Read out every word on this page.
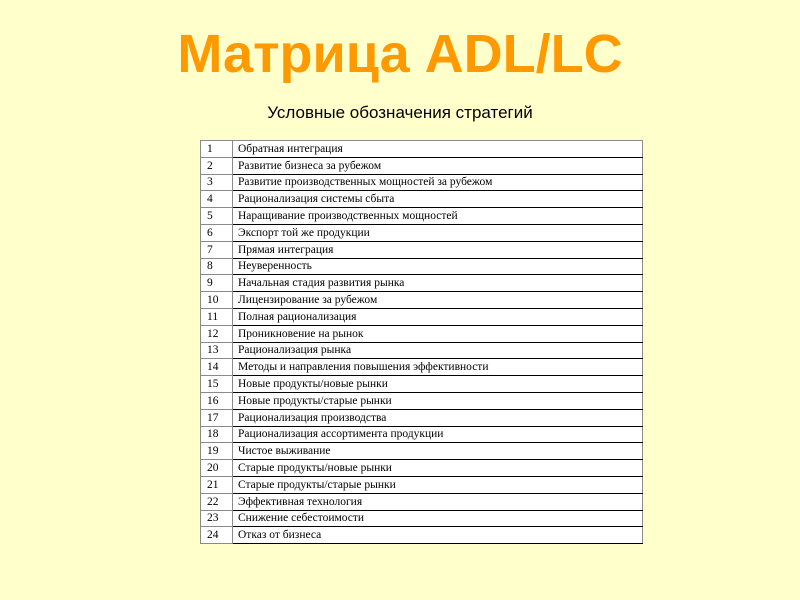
Матрица ADL/LC
Условные обозначения стратегий
1	Обратная интеграция
2	Развитие бизнеса за рубежом
3	Развитие производственных мощностей за рубежом
4	Рационализация системы сбыта
5	Наращивание производственных мощностей
6	Экспорт той же продукции
7	Прямая интеграция
8	Неуверенность
9	Начальная стадия развития рынка
10	Лицензирование за рубежом
11	Полная рационализация
12	Проникновение на рынок
13	Рационализация рынка
14	Методы и направления повышения эффективности
15	Новые продукты/новые рынки
16	Новые продукты/старые рынки
17	Рационализация производства
18	Рационализация ассортимента продукции
19	Чистое выживание
20	Старые продукты/новые рынки
21	Старые продукты/старые рынки
22	Эффективная технология
23	Снижение себестоимости
24	Отказ от бизнеса
